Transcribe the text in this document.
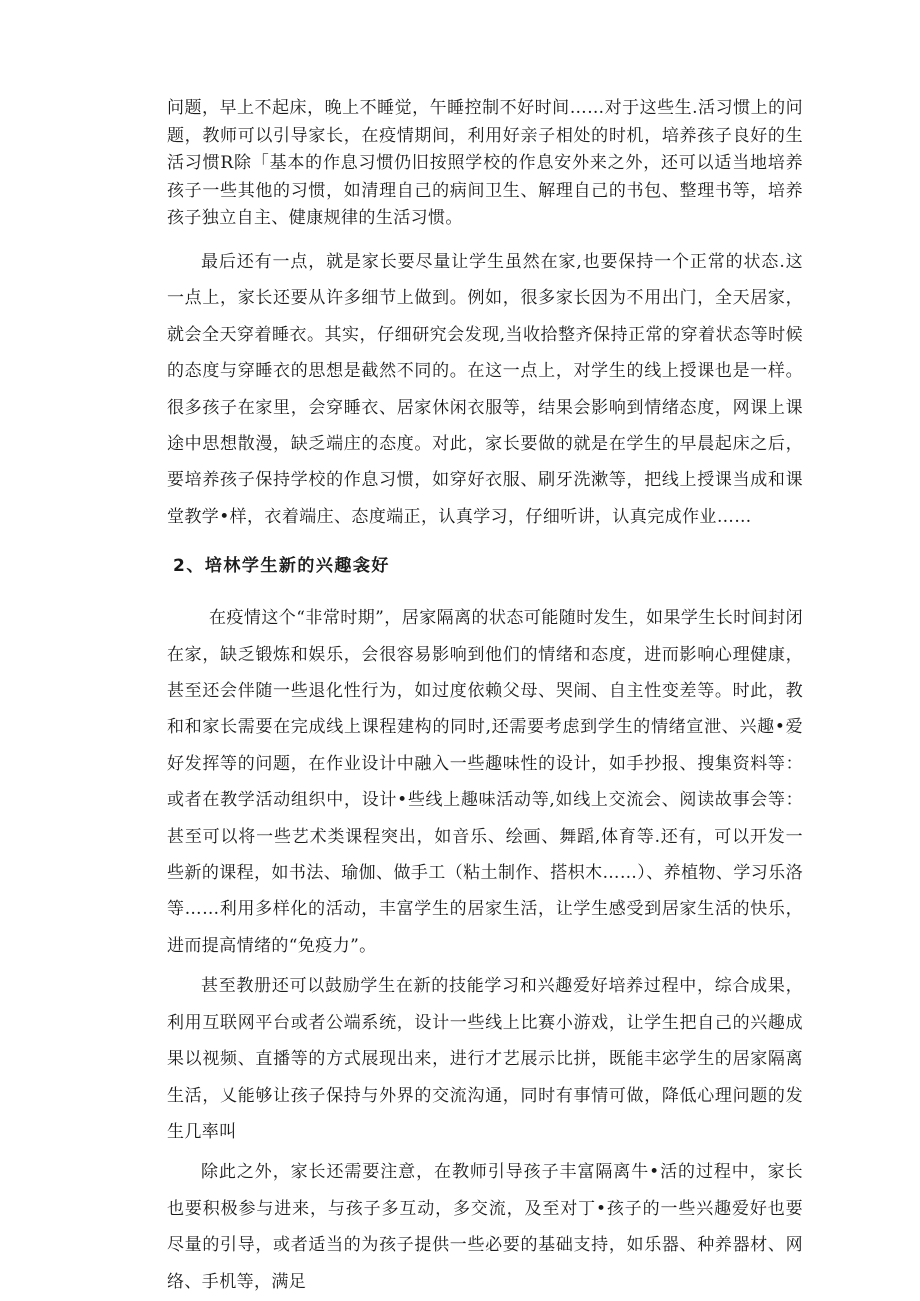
问题，早上不起床，晚上不睡觉，午睡控制不好时间……对于这些生.活习惯上的问题，教师可以引导家长，在疫情期间，利用好亲子相处的时机，培养孩子良好的生活习惯R除「基本的作息习惯仍旧按照学校的作息安外来之外，还可以适当地培养孩子一些其他的习惯，如清理自己的病间卫生、解理自己的书包、整理书等，培养孩子独立自主、健康规律的生活习惯。

最后还有一点，就是家长要尽量让学生虽然在家,也要保持一个正常的状态.这一点上，家长还要从许多细节上做到。例如，很多家长因为不用出门，全天居家，就会全天穿着睡衣。其实，仔细研究会发现,当收拾整齐保持正常的穿着状态等时候的态度与穿睡衣的思想是截然不同的。在这一点上，对学生的线上授课也是一样。很多孩子在家里，会穿睡衣、居家休闲衣服等，结果会影响到情绪态度，网课上课途中思想散漫，缺乏端庄的态度。对此，家长要做的就是在学生的早晨起床之后，要培养孩子保持学校的作息习惯，如穿好衣服、刷牙洗漱等，把线上授课当成和课堂教学•样，衣着端庄、态度端正，认真学习，仔细听讲，认真完成作业……

2、培林学生新的兴趣衾好

在疫情这个“非常时期”，居家隔离的状态可能随时发生，如果学生长时间封闭在家，缺乏锻炼和娱乐，会很容易影响到他们的情绪和态度，进而影响心理健康，甚至还会伴随一些退化性行为，如过度依赖父母、哭闹、自主性变差等。时此，教和和家长需要在完成线上课程建构的同时,还需要考虑到学生的情绪宣泄、兴趣•爱好发挥等的问题，在作业设计中融入一些趣味性的设计，如手抄报、搜集资料等：或者在教学活动组织中，设计•些线上趣味活动等,如线上交流会、阅读故事会等：甚至可以将一些艺术类课程突出，如音乐、绘画、舞蹈,体育等.还有，可以开发一些新的课程，如书法、瑜伽、做手工（粘土制作、搭枳木……）、养植物、学习乐洛等……利用多样化的活动，丰富学生的居家生活，让学生感受到居家生活的快乐，进而提高情绪的“免疫力”。

甚至教册还可以鼓励学生在新的技能学习和兴趣爱好培养过程中，综合成果，利用互联网平台或者公端系统，设计一些线上比赛小游戏，让学生把自己的兴趣成果以视频、直播等的方式展现出来，进行才艺展示比拼，既能丰宓学生的居家隔离生活，乂能够让孩子保持与外界的交流沟通，同时有事情可做，降低心理问题的发生几率叫

除此之外，家长还需要注意，在教师引导孩子丰富隔离牛•活的过程中，家长也要积极参与进来，与孩子多互动，多交流，及至对丁•孩子的一些兴趣爱好也要尽量的引导，或者适当的为孩子提供一些必要的基础支持，如乐器、种养器材、网络、手机等，满足
